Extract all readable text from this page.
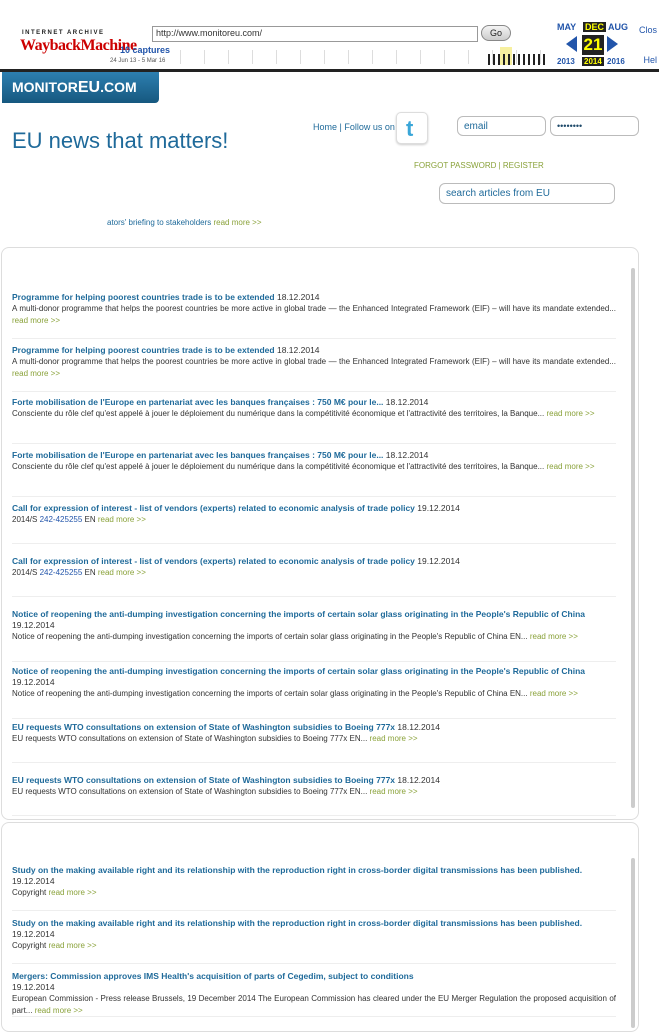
INTERNET ARCHIVE
WaybackMachine
http://www.monitoreu.com/	Go
10 captures
24 Jun 13 - 5 Mar 16
MAY DEC AUG
21
2013 2014 2016
Clos
Hel
MONITOREU.COM
EU news that matters!
Home | Follow us on t	email	••••••••
FORGOT PASSWORD | REGISTER
search articles from EU
ators' briefing to stakeholders read more >>
Programme for helping poorest countries trade is to be extended 18.12.2014
A multi-donor programme that helps the poorest countries be more active in global trade — the Enhanced Integrated Framework (EIF) – will have its mandate extended... read more >>
Programme for helping poorest countries trade is to be extended 18.12.2014
A multi-donor programme that helps the poorest countries be more active in global trade — the Enhanced Integrated Framework (EIF) – will have its mandate extended... read more >>
Forte mobilisation de l'Europe en partenariat avec les banques françaises : 750 M€ pour le... 18.12.2014
Consciente du rôle clef qu'est appelé à jouer le déploiement du numérique dans la compétitivité économique et l'attractivité des territoires, la Banque... read more >>
Forte mobilisation de l'Europe en partenariat avec les banques françaises : 750 M€ pour le... 18.12.2014
Consciente du rôle clef qu'est appelé à jouer le déploiement du numérique dans la compétitivité économique et l'attractivité des territoires, la Banque... read more >>
Call for expression of interest - list of vendors (experts) related to economic analysis of trade policy 19.12.2014
2014/S 242-425255 EN read more >>
Call for expression of interest - list of vendors (experts) related to economic analysis of trade policy 19.12.2014
2014/S 242-425255 EN read more >>
Notice of reopening the anti-dumping investigation concerning the imports of certain solar glass originating in the People's Republic of China
19.12.2014
Notice of reopening the anti-dumping investigation concerning the imports of certain solar glass originating in the People's Republic of China EN... read more >>
Notice of reopening the anti-dumping investigation concerning the imports of certain solar glass originating in the People's Republic of China
19.12.2014
Notice of reopening the anti-dumping investigation concerning the imports of certain solar glass originating in the People's Republic of China EN... read more >>
EU requests WTO consultations on extension of State of Washington subsidies to Boeing 777x 18.12.2014
EU requests WTO consultations on extension of State of Washington subsidies to Boeing 777x EN... read more >>
EU requests WTO consultations on extension of State of Washington subsidies to Boeing 777x 18.12.2014
EU requests WTO consultations on extension of State of Washington subsidies to Boeing 777x EN... read more >>
Study on the making available right and its relationship with the reproduction right in cross-border digital transmissions has been published.
19.12.2014
Copyright read more >>
Study on the making available right and its relationship with the reproduction right in cross-border digital transmissions has been published.
19.12.2014
Copyright read more >>
Mergers: Commission approves IMS Health's acquisition of parts of Cegedim, subject to conditions
19.12.2014
European Commission - Press release Brussels, 19 December 2014 The European Commission has cleared under the EU Merger Regulation the proposed acquisition of part... read more >>
